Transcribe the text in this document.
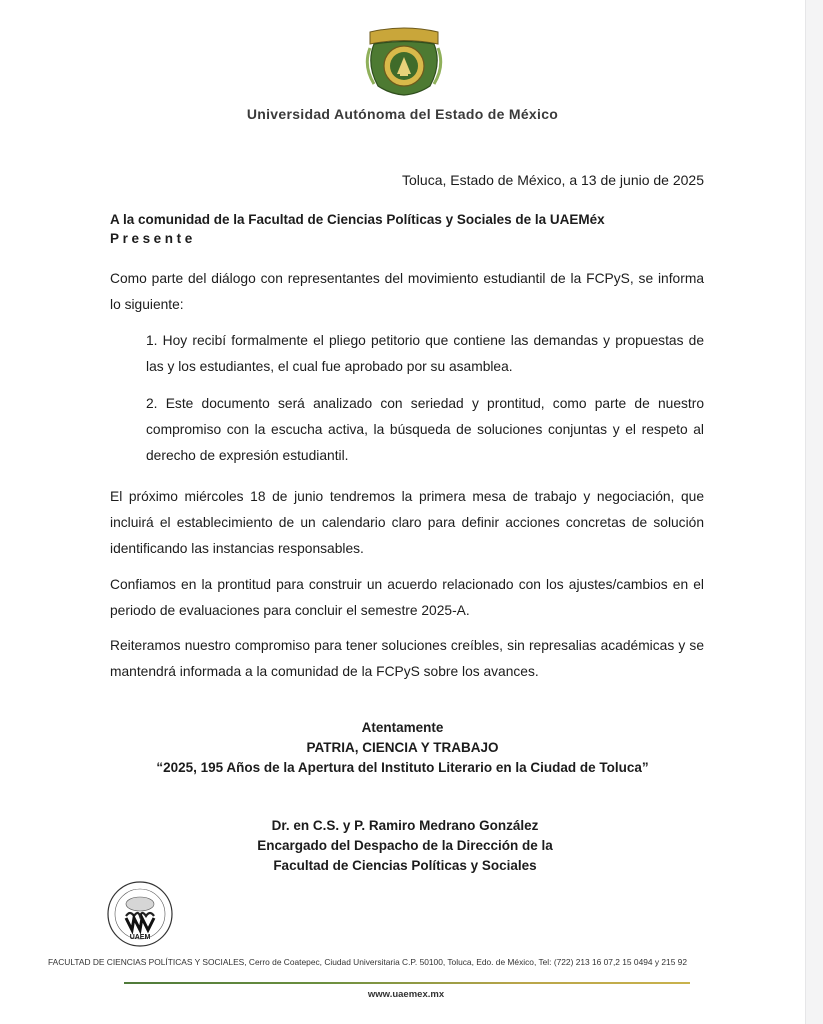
Universidad Autónoma del Estado de México
Toluca, Estado de México, a 13 de junio de 2025
A la comunidad de la Facultad de Ciencias Políticas y Sociales de la UAEMéx
Presente

Como parte del diálogo con representantes del movimiento estudiantil de la FCPyS, se informa lo siguiente:

1. Hoy recibí formalmente el pliego petitorio que contiene las demandas y propuestas de las y los estudiantes, el cual fue aprobado por su asamblea.

2. Este documento será analizado con seriedad y prontitud, como parte de nuestro compromiso con la escucha activa, la búsqueda de soluciones conjuntas y el respeto al derecho de expresión estudiantil.

El próximo miércoles 18 de junio tendremos la primera mesa de trabajo y negociación, que incluirá el establecimiento de un calendario claro para definir acciones concretas de solución identificando las instancias responsables.

Confiamos en la prontitud para construir un acuerdo relacionado con los ajustes/cambios en el periodo de evaluaciones para concluir el semestre 2025-A.

Reiteramos nuestro compromiso para tener soluciones creíbles, sin represalias académicas y se mantendrá informada a la comunidad de la FCPyS sobre los avances.

Atentamente
PATRIA, CIENCIA Y TRABAJO
“2025, 195 Años de la Apertura del Instituto Literario en la Ciudad de Toluca”
Dr. en C.S. y P. Ramiro Medrano González
Encargado del Despacho de la Dirección de la
Facultad de Ciencias Políticas y Sociales
UAEM
FACULTAD DE CIENCIAS POLÍTICAS Y SOCIALES, Cerro de Coatepec, Ciudad Universitaria C.P. 50100, Toluca, Edo. de México, Tel: (722) 213 16 07,2 15 0494 y 215 92
www.uaemex.mx
